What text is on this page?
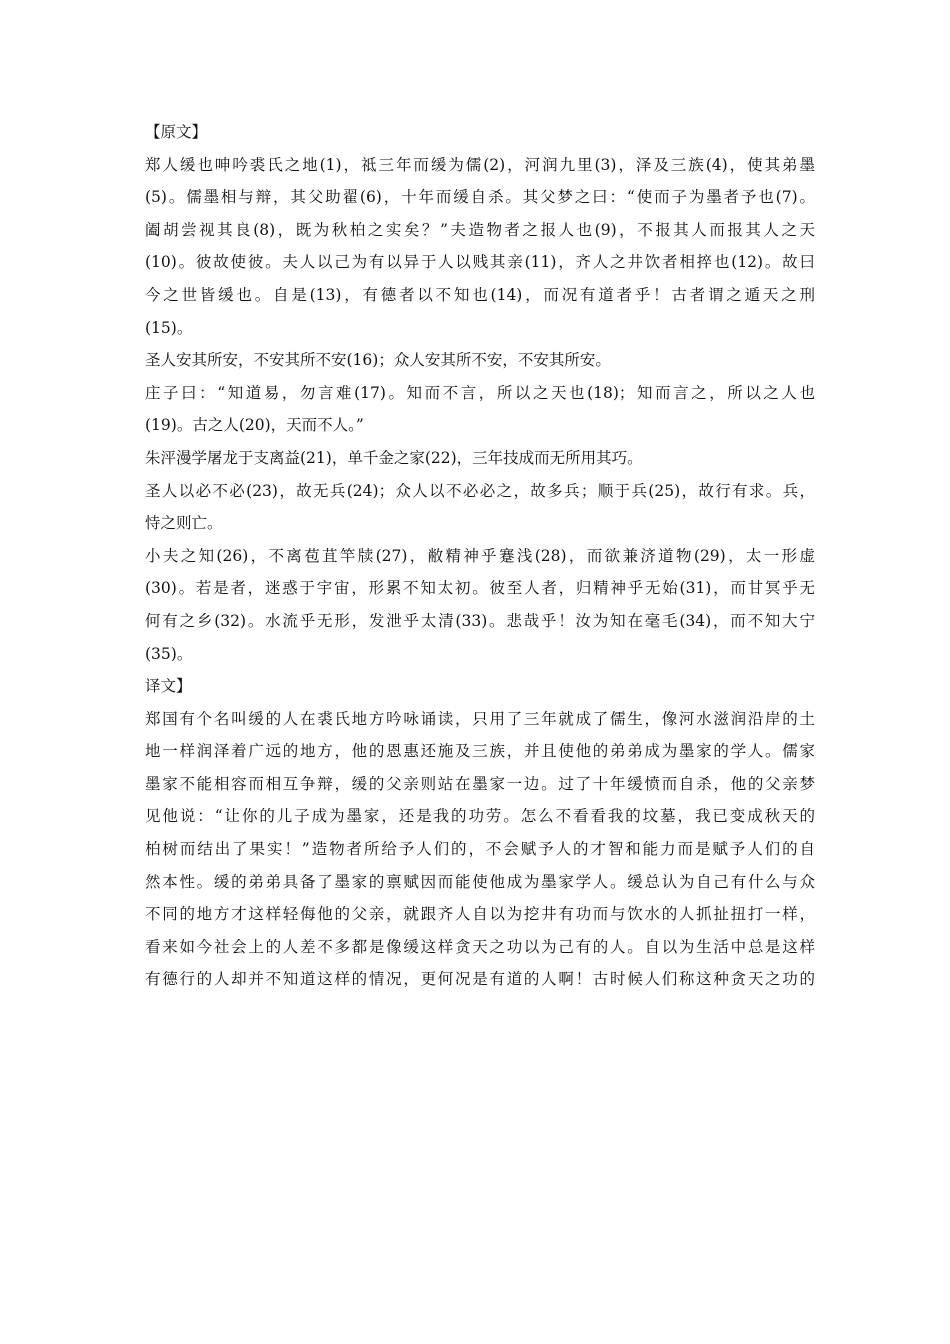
【原文】
郑人缓也呻吟裘氏之地(1)，祗三年而缓为儒(2)，河润九里(3)，泽及三族(4)，使其弟墨
(5)。儒墨相与辩，其父助翟(6)，十年而缓自杀。其父梦之曰：“使而子为墨者予也(7)。
阖胡尝视其良(8)，既为秋柏之实矣？”夫造物者之报人也(9)，不报其人而报其人之天
(10)。彼故使彼。夫人以己为有以异于人以贱其亲(11)，齐人之井饮者相捽也(12)。故曰
今之世皆缓也。自是(13)，有德者以不知也(14)，而况有道者乎！古者谓之遁天之刑
(15)。
圣人安其所安，不安其所不安(16)；众人安其所不安，不安其所安。
庄子曰：“知道易，勿言难(17)。知而不言，所以之天也(18)；知而言之，所以之人也
(19)。古之人(20)，天而不人。”
朱泙漫学屠龙于支离益(21)，单千金之家(22)，三年技成而无所用其巧。
圣人以必不必(23)，故无兵(24)；众人以不必必之，故多兵；顺于兵(25)，故行有求。兵，
恃之则亡。
小夫之知(26)，不离苞苴竿牍(27)，敝精神乎蹇浅(28)，而欲兼济道物(29)，太一形虚
(30)。若是者，迷惑于宇宙，形累不知太初。彼至人者，归精神乎无始(31)，而甘冥乎无
何有之乡(32)。水流乎无形，发泄乎太清(33)。悲哉乎！汝为知在毫毛(34)，而不知大宁
(35)。
译文】
郑国有个名叫缓的人在裘氏地方吟咏诵读，只用了三年就成了儒生，像河水滋润沿岸的土
地一样润泽着广远的地方，他的恩惠还施及三族，并且使他的弟弟成为墨家的学人。儒家
墨家不能相容而相互争辩，缓的父亲则站在墨家一边。过了十年缓愤而自杀，他的父亲梦
见他说：“让你的儿子成为墨家，还是我的功劳。怎么不看看我的坟墓，我已变成秋天的
柏树而结出了果实！”造物者所给予人们的，不会赋予人的才智和能力而是赋予人们的自
然本性。缓的弟弟具备了墨家的禀赋因而能使他成为墨家学人。缓总认为自己有什么与众
不同的地方才这样轻侮他的父亲，就跟齐人自以为挖井有功而与饮水的人抓扯扭打一样，
看来如今社会上的人差不多都是像缓这样贪天之功以为己有的人。自以为生活中总是这样
有德行的人却并不知道这样的情况，更何况是有道的人啊！古时候人们称这种贪天之功的
